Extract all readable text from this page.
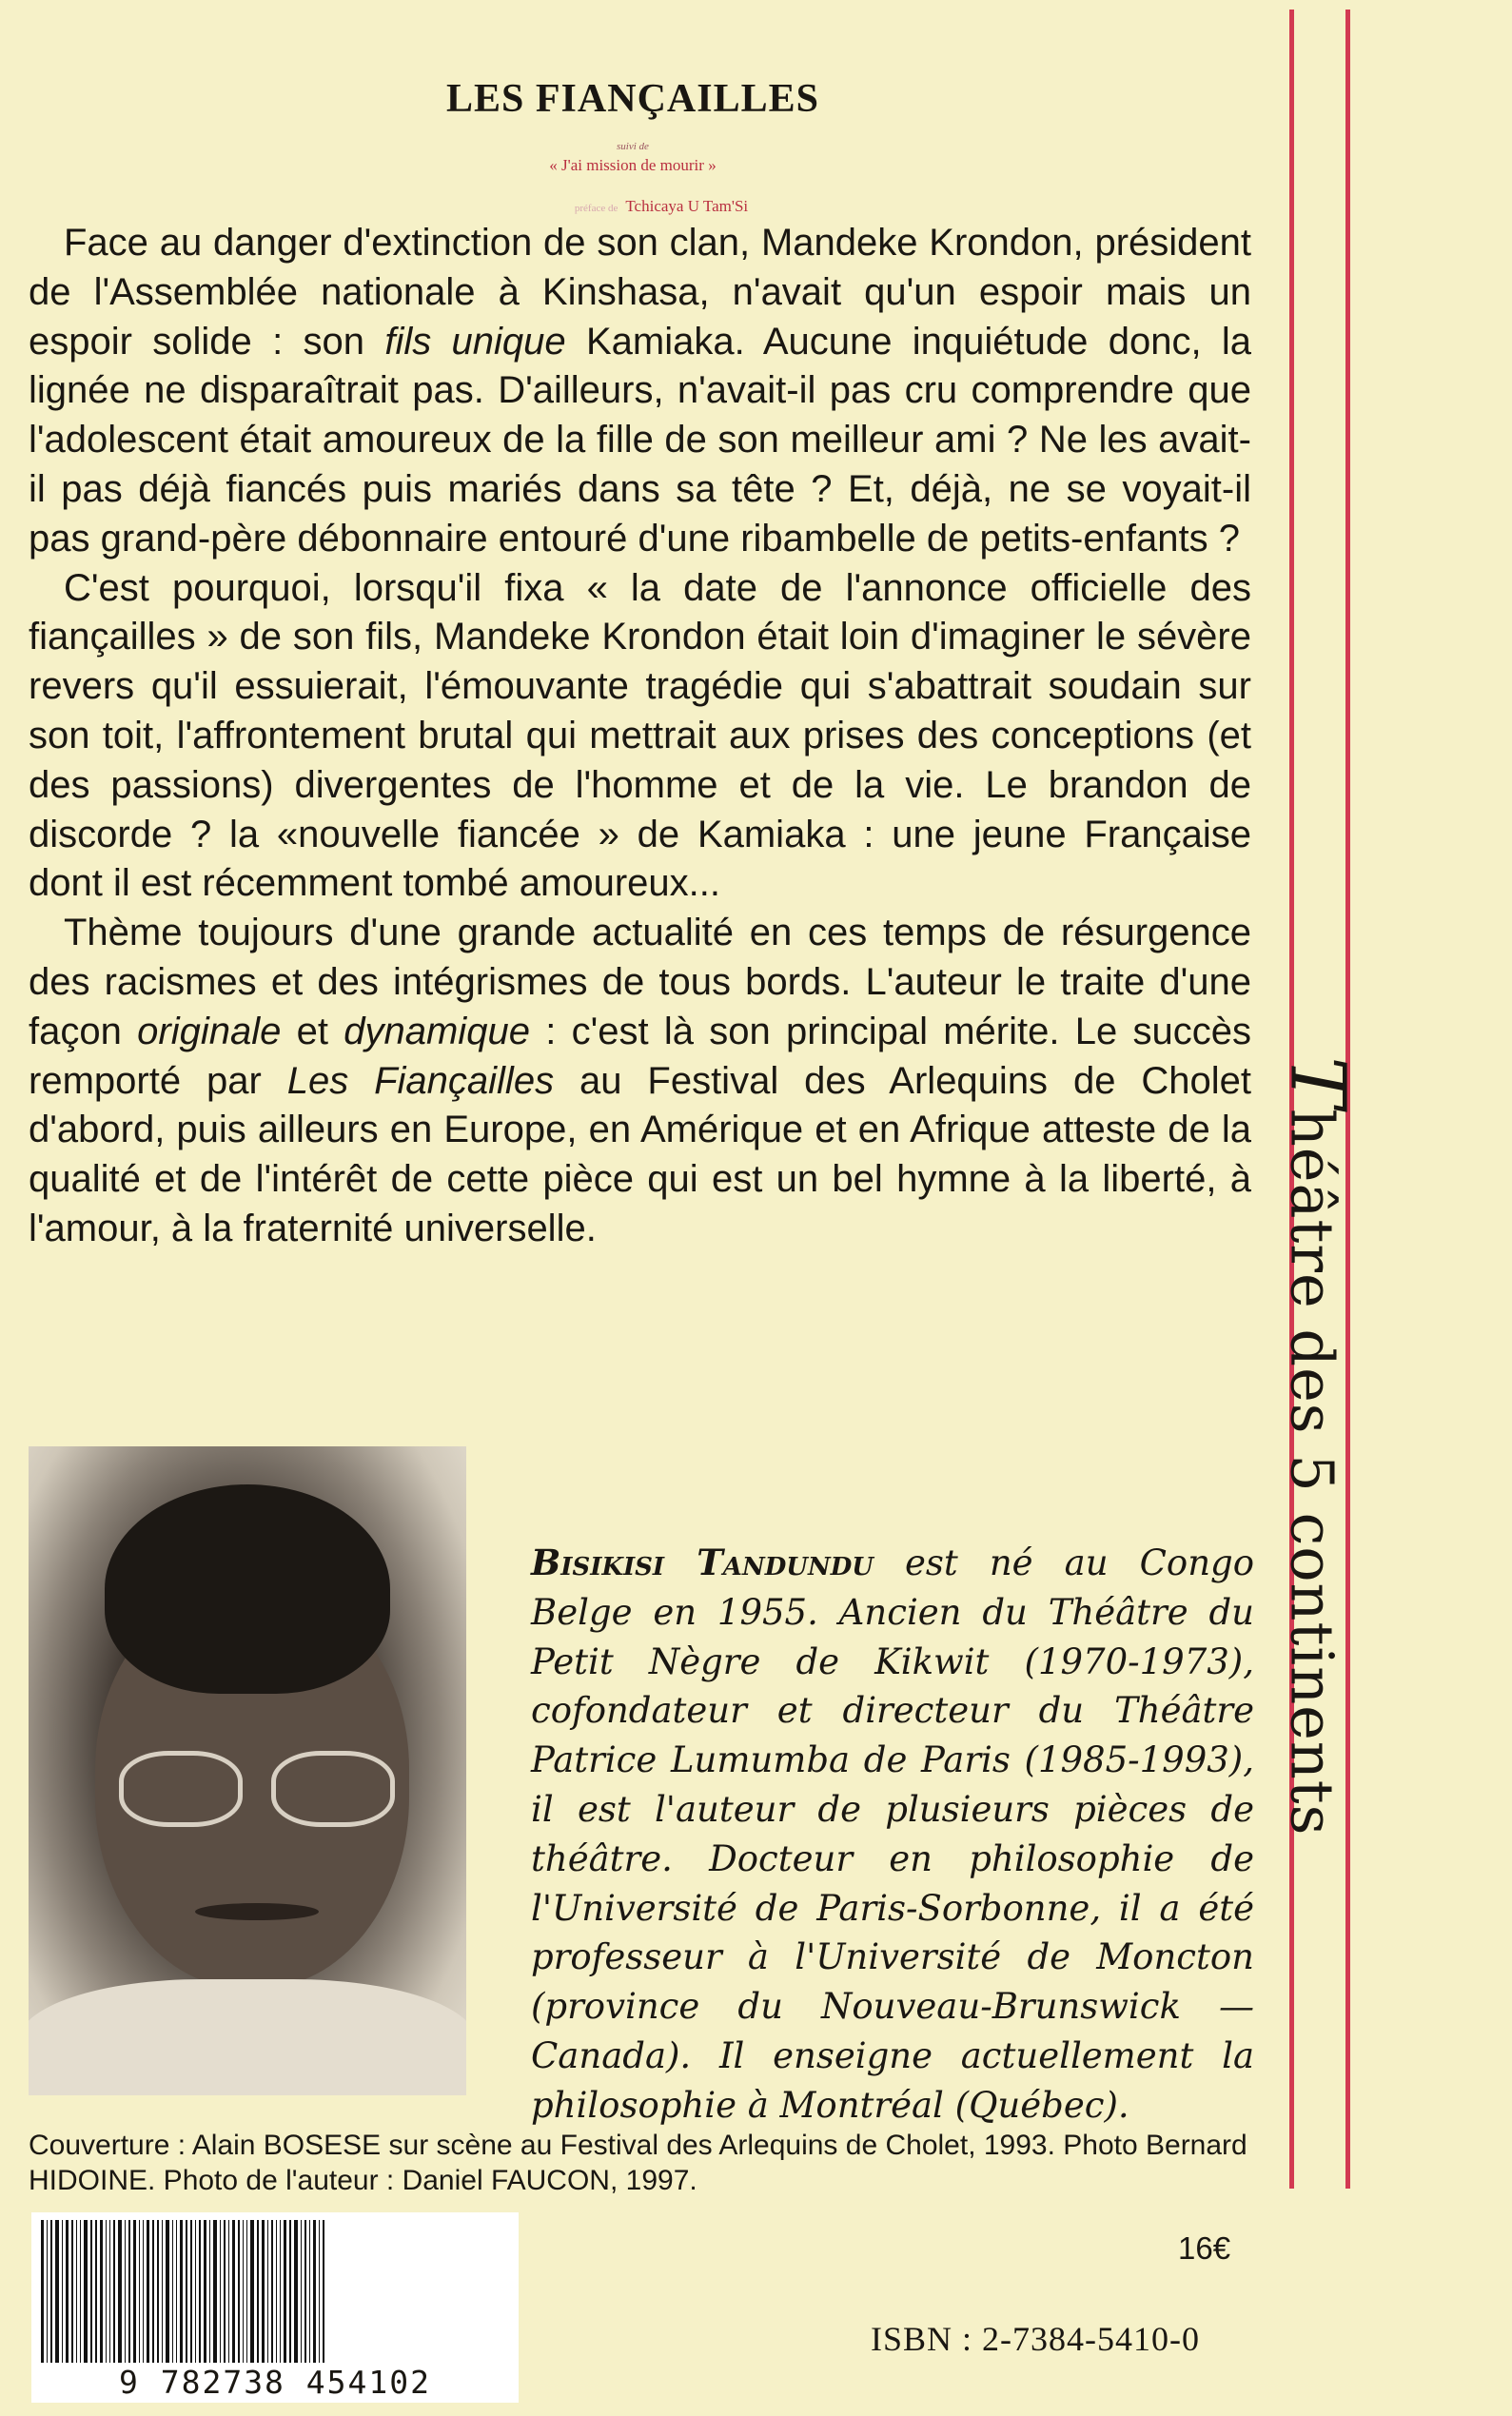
Théâtre des 5 continents
LES FIANÇAILLES
suivi de
« J'ai mission de mourir »
préface de Tchicaya U Tam'Si

Face au danger d'extinction de son clan, Mandeke Krondon, président de l'Assemblée nationale à Kinshasa, n'avait qu'un espoir mais un espoir solide : son fils unique Kamiaka. Aucune inquiétude donc, la lignée ne disparaîtrait pas. D'ailleurs, n'avait-il pas cru comprendre que l'adolescent était amoureux de la fille de son meilleur ami ? Ne les avait-il pas déjà fiancés puis mariés dans sa tête ? Et, déjà, ne se voyait-il pas grand-père débonnaire entouré d'une ribambelle de petits-enfants ?

C'est pourquoi, lorsqu'il fixa « la date de l'annonce officielle des fiançailles » de son fils, Mandeke Krondon était loin d'imaginer le sévère revers qu'il essuierait, l'émouvante tragédie qui s'abattrait soudain sur son toit, l'affrontement brutal qui mettrait aux prises des conceptions (et des passions) divergentes de l'homme et de la vie. Le brandon de discorde ? la «nouvelle fiancée » de Kamiaka : une jeune Française dont il est récemment tombé amoureux...

Thème toujours d'une grande actualité en ces temps de résurgence des racismes et des intégrismes de tous bords. L'auteur le traite d'une façon originale et dynamique : c'est là son principal mérite. Le succès remporté par Les Fiançailles au Festival des Arlequins de Cholet d'abord, puis ailleurs en Europe, en Amérique et en Afrique atteste de la qualité et de l'intérêt de cette pièce qui est un bel hymne à la liberté, à l'amour, à la fraternité universelle.

Bisikisi Tandundu est né au Congo Belge en 1955. Ancien du Théâtre du Petit Nègre de Kikwit (1970-1973), cofondateur et directeur du Théâtre Patrice Lumumba de Paris (1985-1993), il est l'auteur de plusieurs pièces de théâtre. Docteur en philosophie de l'Université de Paris-Sorbonne, il a été professeur à l'Université de Moncton (province du Nouveau-Brunswick — Canada). Il enseigne actuellement la philosophie à Montréal (Québec).
Couverture : Alain BOSESE sur scène au Festival des Arlequins de Cholet, 1993. Photo Bernard HIDOINE. Photo de l'auteur : Daniel FAUCON, 1997.
9 782738 454102
16€
ISBN : 2-7384-5410-0
